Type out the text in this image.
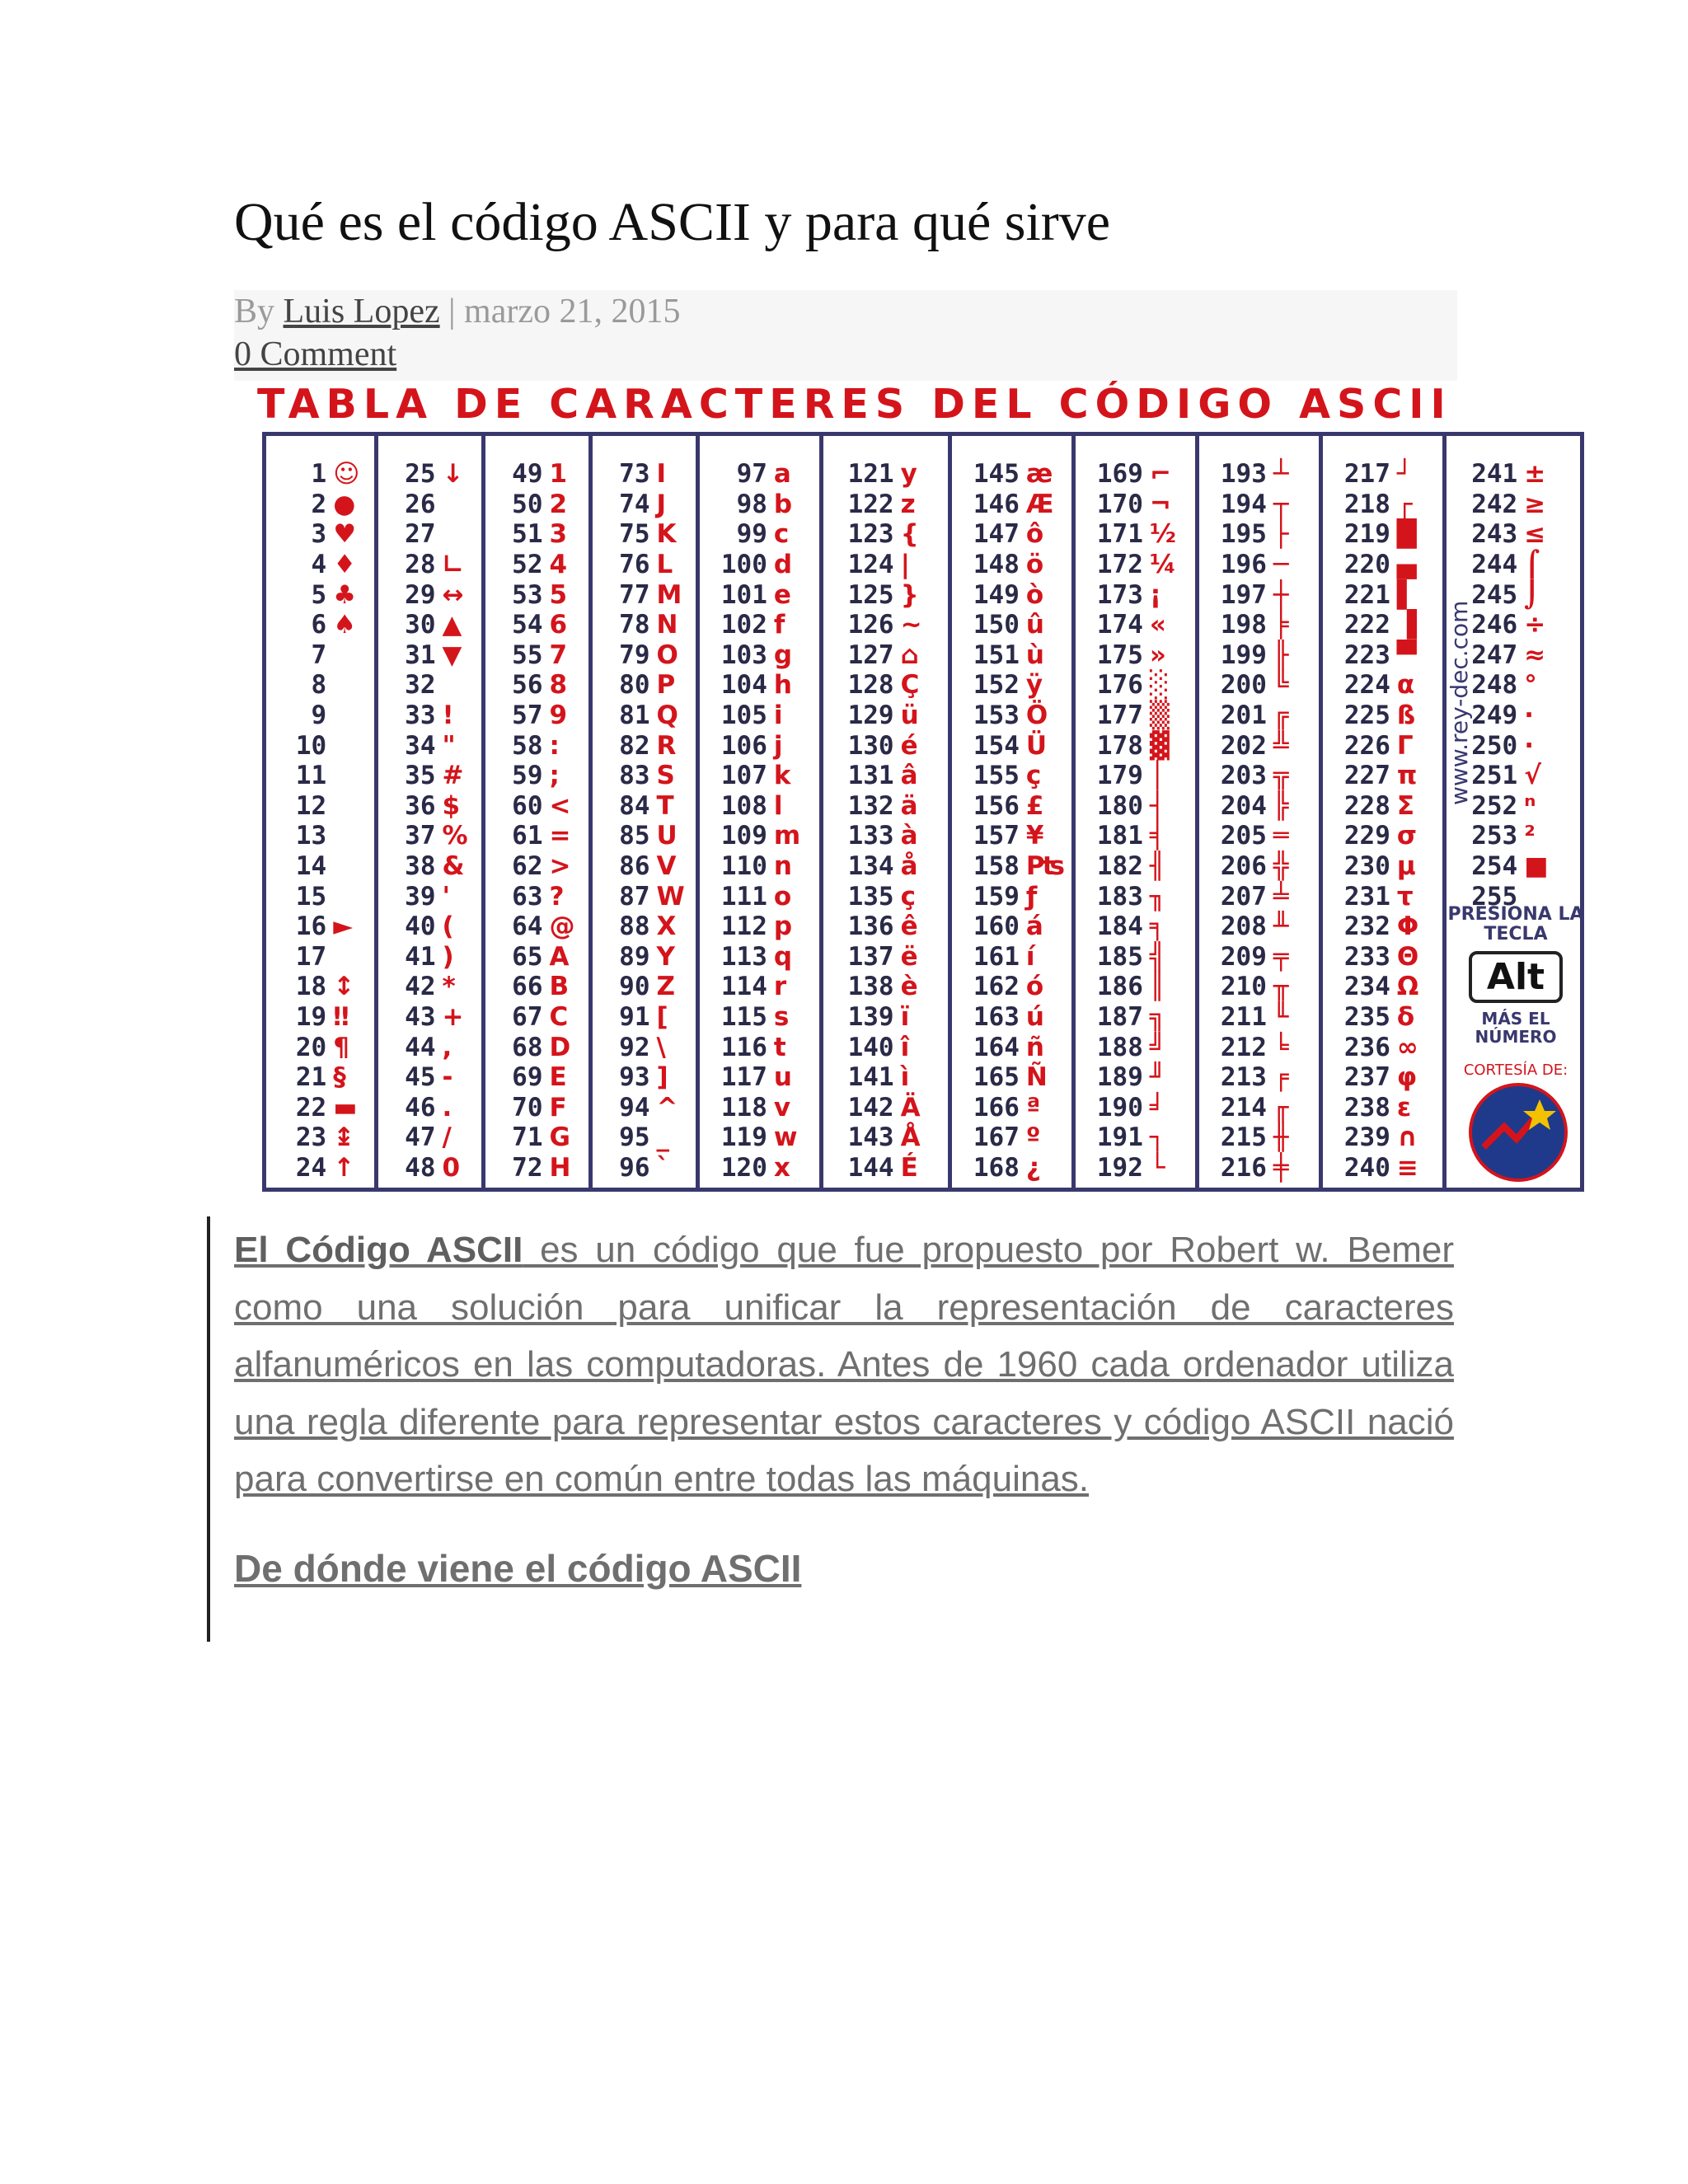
Qué es el código ASCII y para qué sirve
By Luis Lopez | marzo 21, 2015
0 Comment
TABLA DE CARACTERES DEL CÓDIGO ASCII
1 ☺
2 ●
3 ♥
4 ♦
5 ♣
6 ♠
7
8
9
10
11
12
13
14
15
16 ►
17
18 ↕
19 ‼
20 ¶
21 §
22 ▬
23 ↨
24 ↑
25 ↓
26
27
28 ∟
29 ↔
30 ▲
31 ▼
32
33 !
34 "
35 #
36 $
37 %
38 &
39 '
40 (
41 )
42 *
43 +
44 ,
45 -
46 .
47 /
48 0
49 1
50 2
51 3
52 4
53 5
54 6
55 7
56 8
57 9
58 :
59 ;
60 <
61 =
62 >
63 ?
64 @
65 A
66 B
67 C
68 D
69 E
70 F
71 G
72 H
73 I
74 J
75 K
76 L
77 M
78 N
79 O
80 P
81 Q
82 R
83 S
84 T
85 U
86 V
87 W
88 X
89 Y
90 Z
91 [
92 \
93 ]
94 ^
95 _
96 `
97 a
98 b
99 c
100 d
101 e
102 f
103 g
104 h
105 i
106 j
107 k
108 l
109 m
110 n
111 o
112 p
113 q
114 r
115 s
116 t
117 u
118 v
119 w
120 x
121 y
122 z
123 {
124 |
125 }
126 ~
127 ⌂
128 Ç
129 ü
130 é
131 â
132 ä
133 à
134 å
135 ç
136 ê
137 ë
138 è
139 ï
140 î
141 ì
142 Ä
143 Å
144 É
145 æ
146 Æ
147 ô
148 ö
149 ò
150 û
151 ù
152 ÿ
153 Ö
154 Ü
155 ç
156 £
157 ¥
158 ₧
159 ƒ
160 á
161 í
162 ó
163 ú
164 ñ
165 Ñ
166 ª
167 º
168 ¿
169 ⌐
170 ¬
171 ½
172 ¼
173 ¡
174 «
175 »
176 ░
177 ▒
178 ▓
179 │
180 ┤
181 ╡
182 ╢
183 ╖
184 ╕
185 ╣
186 ║
187 ╗
188 ╝
189 ╜
190 ╛
191 ┐
192 └
193 ┴
194 ┬
195 ├
196 ─
197 ┼
198 ╞
199 ╟
200 ╚
201 ╔
202 ╩
203 ╦
204 ╠
205 ═
206 ╬
207 ╧
208 ╨
209 ╤
210 ╥
211 ╙
212 ╘
213 ╒
214 ╓
215 ╫
216 ╪
217 ┘
218 ┌
219 █
220 ▄
221 ▌
222 ▐
223 ▀
224 α
225 ß
226 Γ
227 π
228 Σ
229 σ
230 µ
231 τ
232 Φ
233 Θ
234 Ω
235 δ
236 ∞
237 φ
238 ε
239 ∩
240 ≡
241 ±
242 ≥
243 ≤
244 ⌠
245 ⌡
246 ÷
247 ≈
248 °
249 ∙
250 ·
251 √
252 ⁿ
253 ²
254 ■
255
www.rey-dec.com
PRESIONA LA TECLA
Alt
MÁS EL NÚMERO
CORTESÍA DE:
El Código ASCII es un código que fue propuesto por Robert w. Bemer como una solución para unificar la representación de caracteres alfanuméricos en las computadoras. Antes de 1960 cada ordenador utiliza una regla diferente para representar estos caracteres y código ASCII nació para convertirse en común entre todas las máquinas.
De dónde viene el código ASCII
